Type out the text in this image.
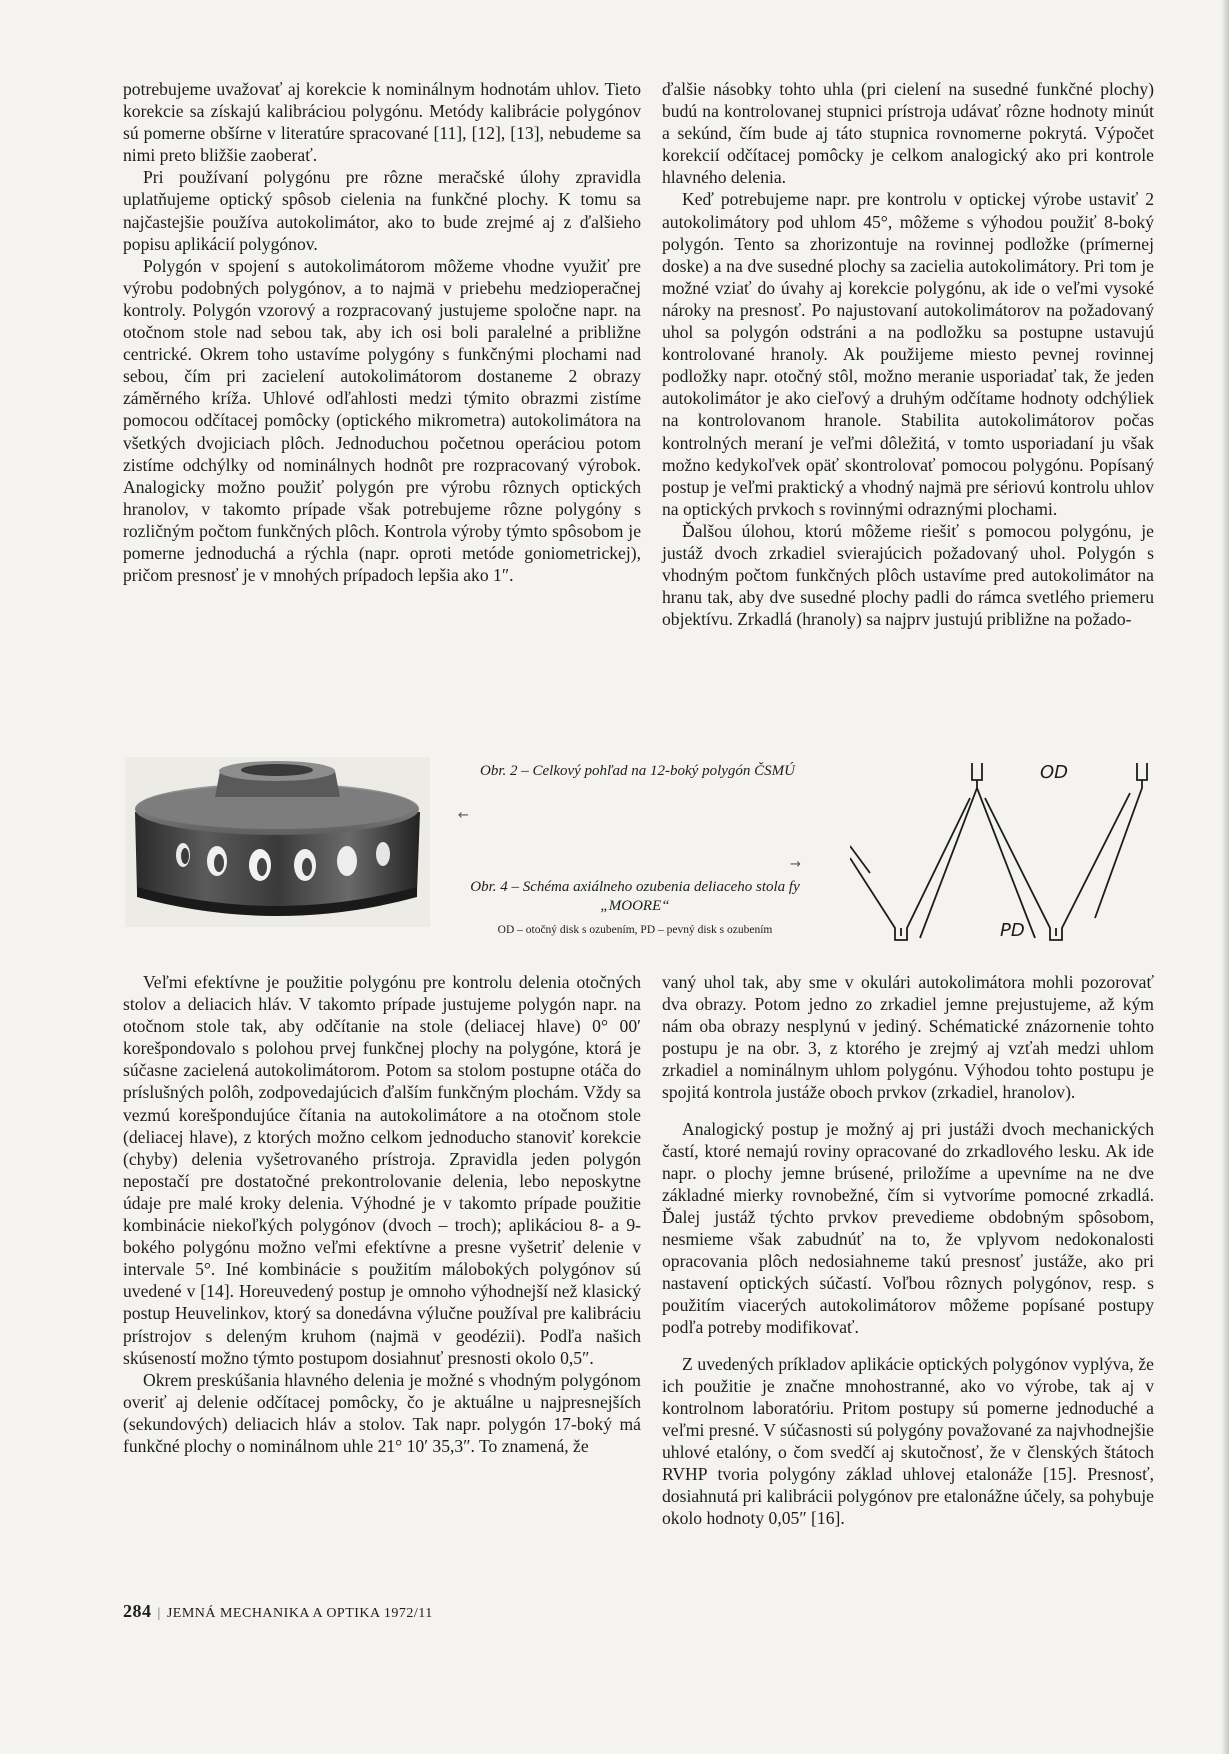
potrebujeme uvažovať aj korekcie k nominálnym hodnotám uhlov. Tieto korekcie sa získajú kalibráciou polygónu. Metódy kalibrácie polygónov sú pomerne obšírne v literatúre spracované [11], [12], [13], nebudeme sa nimi preto bližšie zaoberať.

Pri používaní polygónu pre rôzne meračské úlohy zpravidla uplatňujeme optický spôsob cielenia na funkčné plochy. K tomu sa najčastejšie používa autokolimátor, ako to bude zrejmé aj z ďalšieho popisu aplikácií polygónov.

Polygón v spojení s autokolimátorom môžeme vhodne využiť pre výrobu podobných polygónov, a to najmä v priebehu medzioperačnej kontroly. Polygón vzorový a rozpracovaný justujeme spoločne napr. na otočnom stole nad sebou tak, aby ich osi boli paralelné a približne centrické. Okrem toho ustavíme polygóny s funkčnými plochami nad sebou, čím pri zacielení autokolimátorom dostaneme 2 obrazy záměrného kríža. Uhlové odľahlosti medzi týmito obrazmi zistíme pomocou odčítacej pomôcky (optického mikrometra) autokolimátora na všetkých dvojiciach plôch. Jednoduchou početnou operáciou potom zistíme odchýlky od nominálnych hodnôt pre rozpracovaný výrobok. Analogicky možno použiť polygón pre výrobu rôznych optických hranolov, v takomto prípade však potrebujeme rôzne polygóny s rozličným počtom funkčných plôch. Kontrola výroby týmto spôsobom je pomerne jednoduchá a rýchla (napr. oproti metóde goniometrickej), pričom presnosť je v mnohých prípadoch lepšia ako 1″.

ďalšie násobky tohto uhla (pri cielení na susedné funkčné plochy) budú na kontrolovanej stupnici prístroja udávať rôzne hodnoty minút a sekúnd, čím bude aj táto stupnica rovnomerne pokrytá. Výpočet korekcií odčítacej pomôcky je celkom analogický ako pri kontrole hlavného delenia.

Keď potrebujeme napr. pre kontrolu v optickej výrobe ustaviť 2 autokolimátory pod uhlom 45°, môžeme s výhodou použiť 8-boký polygón. Tento sa zhorizontuje na rovinnej podložke (prímernej doske) a na dve susedné plochy sa zacielia autokolimátory. Pri tom je možné vziať do úvahy aj korekcie polygónu, ak ide o veľmi vysoké nároky na presnosť. Po najustovaní autokolimátorov na požadovaný uhol sa polygón odstráni a na podložku sa postupne ustavujú kontrolované hranoly. Ak použijeme miesto pevnej rovinnej podložky napr. otočný stôl, možno meranie usporiadať tak, že jeden autokolimátor je ako cieľový a druhým odčítame hodnoty odchýliek na kontrolovanom hranole. Stabilita autokolimátorov počas kontrolných meraní je veľmi dôležitá, v tomto usporiadaní ju však možno kedykoľvek opäť skontrolovať pomocou polygónu. Popísaný postup je veľmi praktický a vhodný najmä pre sériovú kontrolu uhlov na optických prvkoch s rovinnými odraznými plochami.

Ďalšou úlohou, ktorú môžeme riešiť s pomocou polygónu, je justáž dvoch zrkadiel svierajúcich požadovaný uhol. Polygón s vhodným počtom funkčných plôch ustavíme pred autokolimátor na hranu tak, aby dve susedné plochy padli do rámca svetlého priemeru objektívu. Zrkadlá (hranoly) sa najprv justujú približne na požado-

Obr. 2 – Celkový pohľad na 12-boký polygón ČSMÚ
←
→
Obr. 4 – Schéma axiálneho ozubenia deliaceho stola fy „MOORE“
OD – otočný disk s ozubením, PD – pevný disk s ozubením
OD
PD

Veľmi efektívne je použitie polygónu pre kontrolu delenia otočných stolov a deliacich hláv. V takomto prípade justujeme polygón napr. na otočnom stole tak, aby odčítanie na stole (deliacej hlave) 0° 00′ korešpondovalo s polohou prvej funkčnej plochy na polygóne, ktorá je súčasne zacielená autokolimátorom. Potom sa stolom postupne otáča do príslušných polôh, zodpovedajúcich ďalším funkčným plochám. Vždy sa vezmú korešpondujúce čítania na autokolimátore a na otočnom stole (deliacej hlave), z ktorých možno celkom jednoducho stanoviť korekcie (chyby) delenia vyšetrovaného prístroja. Zpravidla jeden polygón nepostačí pre dostatočné prekontrolovanie delenia, lebo neposkytne údaje pre malé kroky delenia. Výhodné je v takomto prípade použitie kombinácie niekoľkých polygónov (dvoch – troch); aplikáciou 8- a 9-bokého polygónu možno veľmi efektívne a presne vyšetriť delenie v intervale 5°. Iné kombinácie s použitím málobokých polygónov sú uvedené v [14]. Horeuvedený postup je omnoho výhodnejší než klasický postup Heuvelinkov, ktorý sa donedávna výlučne používal pre kalibráciu prístrojov s deleným kruhom (najmä v geodézii). Podľa našich skúseností možno týmto postupom dosiahnuť presnosti okolo 0,5″.

Okrem preskúšania hlavného delenia je možné s vhodným polygónom overiť aj delenie odčítacej pomôcky, čo je aktuálne u najpresnejších (sekundových) deliacich hláv a stolov. Tak napr. polygón 17-boký má funkčné plochy o nominálnom uhle 21° 10′ 35,3″. To znamená, že

vaný uhol tak, aby sme v okulári autokolimátora mohli pozorovať dva obrazy. Potom jedno zo zrkadiel jemne prejustujeme, až kým nám oba obrazy nesplynú v jediný. Schématické znázornenie tohto postupu je na obr. 3, z ktorého je zrejmý aj vzťah medzi uhlom zrkadiel a nominálnym uhlom polygónu. Výhodou tohto postupu je spojitá kontrola justáže oboch prvkov (zrkadiel, hranolov).

Analogický postup je možný aj pri justáži dvoch mechanických častí, ktoré nemajú roviny opracované do zrkadlového lesku. Ak ide napr. o plochy jemne brúsené, priložíme a upevníme na ne dve základné mierky rovnobežné, čím si vytvoríme pomocné zrkadlá. Ďalej justáž týchto prvkov prevedieme obdobným spôsobom, nesmieme však zabudnúť na to, že vplyvom nedokonalosti opracovania plôch nedosiahneme takú presnosť justáže, ako pri nastavení optických súčastí. Voľbou rôznych polygónov, resp. s použitím viacerých autokolimátorov môžeme popísané postupy podľa potreby modifikovať.

Z uvedených príkladov aplikácie optických polygónov vyplýva, že ich použitie je značne mnohostranné, ako vo výrobe, tak aj v kontrolnom laboratóriu. Pritom postupy sú pomerne jednoduché a veľmi presné. V súčasnosti sú polygóny považované za najvhodnejšie uhlové etalóny, o čom svedčí aj skutočnosť, že v členských štátoch RVHP tvoria polygóny základ uhlovej etalonáže [15]. Presnosť, dosiahnutá pri kalibrácii polygónov pre etalonážne účely, sa pohybuje okolo hodnoty 0,05″ [16].

284 | JEMNÁ MECHANIKA A OPTIKA 1972/11
